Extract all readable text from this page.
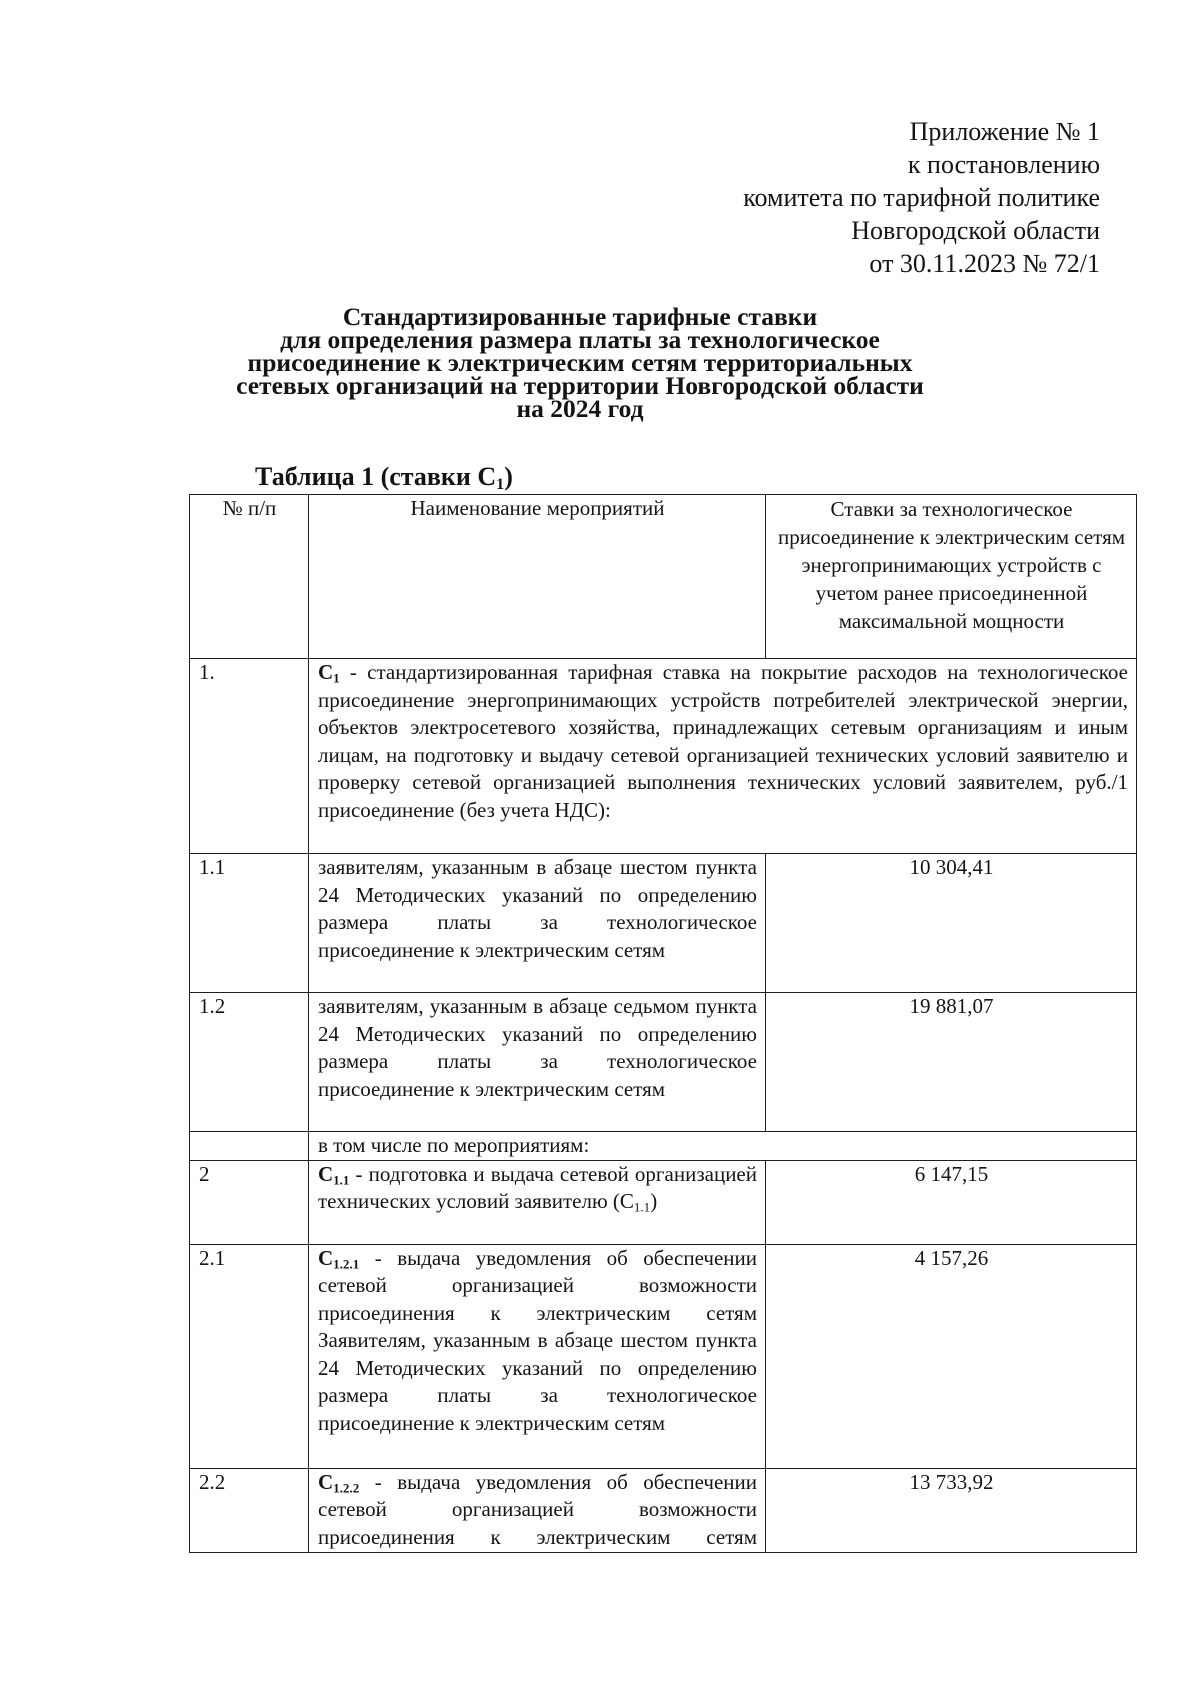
Приложение № 1
к постановлению
комитета по тарифной политике
Новгородской области
от 30.11.2023 № 72/1
Стандартизированные тарифные ставки
для определения размера платы за технологическое
присоединение к электрическим сетям территориальных
сетевых организаций на территории Новгородской области
на 2024 год
Таблица 1 (ставки $С_1$)
№ п/п	Наименование мероприятий	Ставки за технологическое присоединение к электрическим сетям энергопринимающих устройств с учетом ранее присоединенной максимальной мощности
1.	$С_1$ - стандартизированная тарифная ставка на покрытие расходов на технологическое присоединение энергопринимающих устройств потребителей электрической энергии, объектов электросетевого хозяйства, принадлежащих сетевым организациям и иным лицам, на подготовку и выдачу сетевой организацией технических условий заявителю и проверку сетевой организацией выполнения технических условий заявителем, руб./1 присоединение (без учета НДС):	
1.1	заявителям, указанным в абзаце шестом пункта 24 Методических указаний по определению размера платы за технологическое присоединение к электрическим сетям	10 304,41
1.2	заявителям, указанным в абзаце седьмом пункта 24 Методических указаний по определению размера платы за технологическое присоединение к электрическим сетям	19 881,07
	в том числе по мероприятиям:	
2	$С_{1.1}$ - подготовка и выдача сетевой организацией технических условий заявителю $(С_{1.1})$	6 147,15
2.1	$С_{1.2.1}$ - выдача уведомления об обеспечении сетевой организацией возможности присоединения к электрическим сетям Заявителям, указанным в абзаце шестом пункта 24 Методических указаний по определению размера платы за технологическое присоединение к электрическим сетям	4 157,26
2.2	$С_{1.2.2}$ - выдача уведомления об обеспечении сетевой организацией возможности присоединения к электрическим сетям	13 733,92
